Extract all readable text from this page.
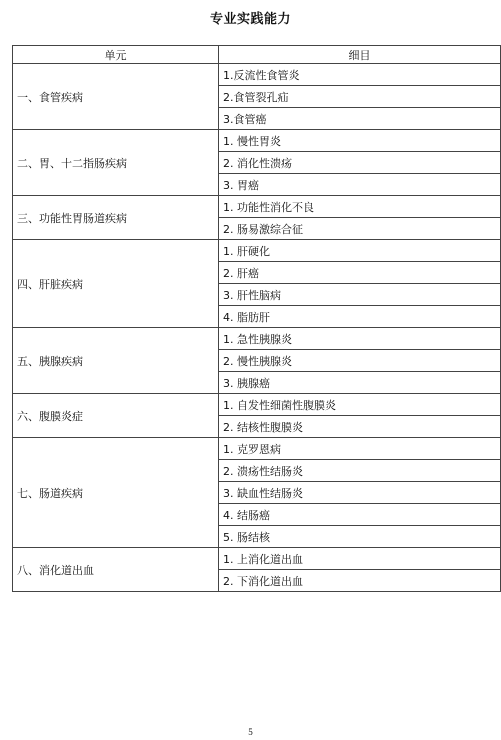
专业实践能力
单元	细目
一、食管疾病	1.反流性食管炎
	2.食管裂孔疝
	3.食管癌
二、胃、十二指肠疾病	1. 慢性胃炎
	2. 消化性溃疡
	3. 胃癌
三、功能性胃肠道疾病	1. 功能性消化不良
	2. 肠易激综合征
四、肝脏疾病	1. 肝硬化
	2. 肝癌
	3. 肝性脑病
	4. 脂肪肝
五、胰腺疾病	1. 急性胰腺炎
	2. 慢性胰腺炎
	3. 胰腺癌
六、腹膜炎症	1. 自发性细菌性腹膜炎
	2. 结核性腹膜炎
七、肠道疾病	1. 克罗恩病
	2. 溃疡性结肠炎
	3. 缺血性结肠炎
	4. 结肠癌
	5. 肠结核
八、消化道出血	1. 上消化道出血
	2. 下消化道出血
5
